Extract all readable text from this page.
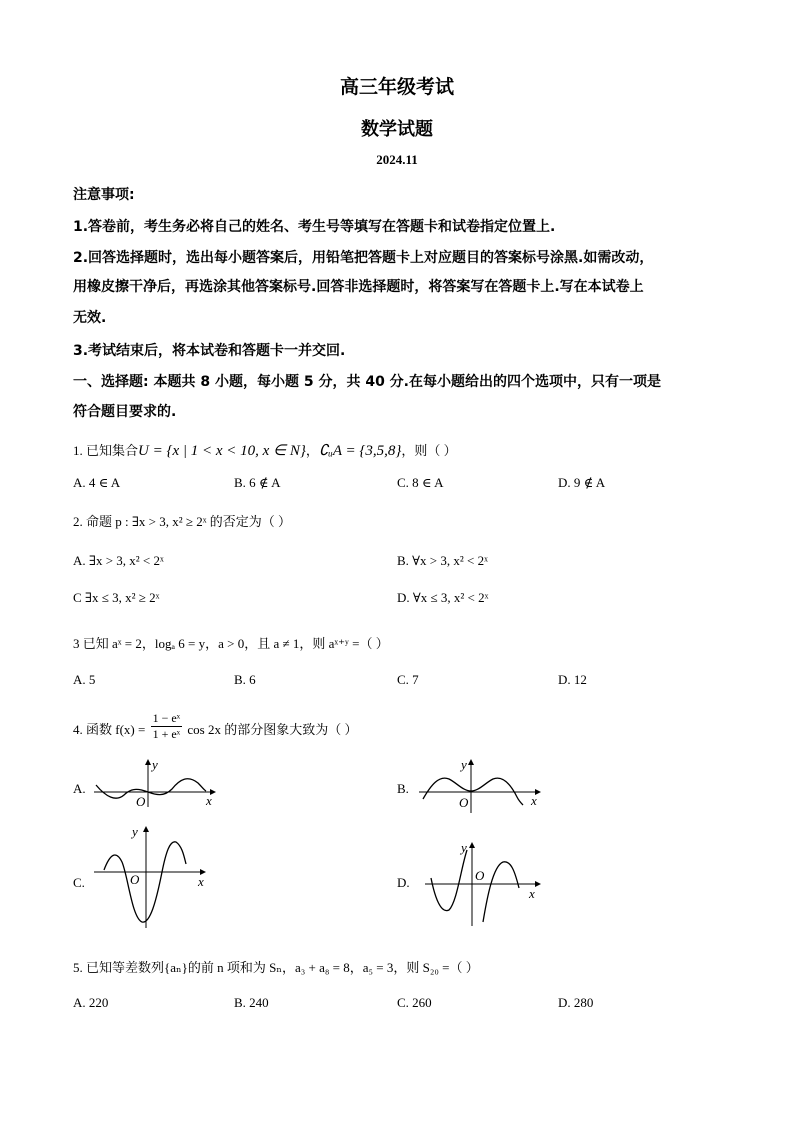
高三年级考试
数学试题
2024.11
注意事项:
1.答卷前，考生务必将自己的姓名、考生号等填写在答题卡和试卷指定位置上.
2.回答选择题时，选出每小题答案后，用铅笔把答题卡上对应题目的答案标号涂黑.如需改动，
用橡皮擦干净后，再选涂其他答案标号.回答非选择题时，将答案写在答题卡上.写在本试卷上
无效.
3.考试结束后，将本试卷和答题卡一并交回.
一、选择题: 本题共 8 小题，每小题 5 分，共 40 分.在每小题给出的四个选项中，只有一项是
符合题目要求的.
1. 已知集合U = {x | 1 < x < 10, x ∈ N}，∁ᵤA = {3,5,8}，则（ ）
A. 4 ∈ A	B. 6 ∉ A	C. 8 ∈ A	D. 9 ∉ A
2. 命题 p : ∃x > 3, x² ≥ 2ˣ 的否定为（ ）
A. ∃x > 3, x² < 2ˣ	B. ∀x > 3, x² < 2ˣ
C ∃x ≤ 3, x² ≥ 2ˣ	D. ∀x ≤ 3, x² < 2ˣ
3 已知 aˣ = 2，logₐ 6 = y，a > 0，且 a ≠ 1，则 aˣ⁺ʸ =（ ）
A. 5	B. 6	C. 7	D. 12
4. 函数 $f(x) = \frac{\text{1 − eˣ}}{\text{1 + eˣ}}$ cos 2x 的部分图象大致为（ ）
A.	B.
C.	D.
y
x
O
y
x
O
y
x
O
y
x
O
5. 已知等差数列{aₙ}的前 n 项和为 Sₙ，a₃ + a₈ = 8，a₅ = 3，则 S₂₀ =（ ）
A. 220	B. 240	C. 260	D. 280
